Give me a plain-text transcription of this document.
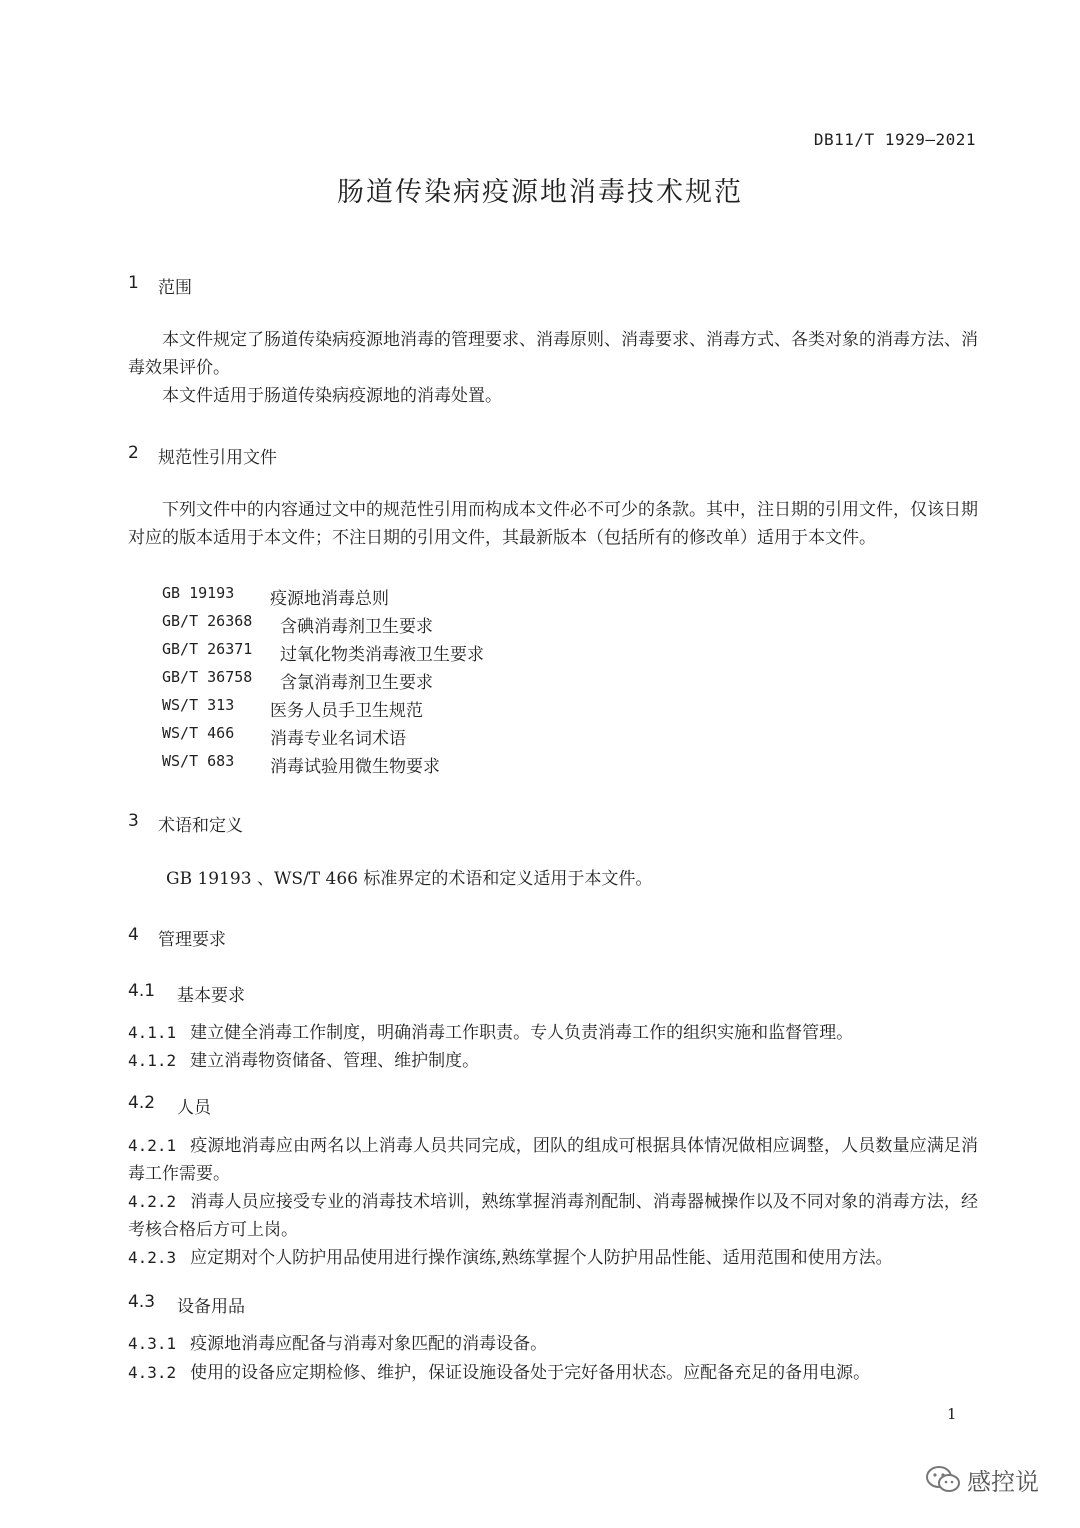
DB11/T 1929—2021
肠道传染病疫源地消毒技术规范
1	范围
本文件规定了肠道传染病疫源地消毒的管理要求、消毒原则、消毒要求、消毒方式、各类对象的消毒方法、消毒效果评价。
本文件适用于肠道传染病疫源地的消毒处置。
2	规范性引用文件
下列文件中的内容通过文中的规范性引用而构成本文件必不可少的条款。其中，注日期的引用文件，仅该日期对应的版本适用于本文件；不注日期的引用文件，其最新版本（包括所有的修改单）适用于本文件。
GB 19193	疫源地消毒总则
GB/T 26368	含碘消毒剂卫生要求
GB/T 26371	过氧化物类消毒液卫生要求
GB/T 36758	含氯消毒剂卫生要求
WS/T 313	医务人员手卫生规范
WS/T 466	消毒专业名词术语
WS/T 683	消毒试验用微生物要求
3	术语和定义
GB 19193 、WS/T 466 标准界定的术语和定义适用于本文件。
4	管理要求
4.1	基本要求
4.1.1 建立健全消毒工作制度，明确消毒工作职责。专人负责消毒工作的组织实施和监督管理。
4.1.2 建立消毒物资储备、管理、维护制度。
4.2	人员
4.2.1 疫源地消毒应由两名以上消毒人员共同完成，团队的组成可根据具体情况做相应调整，人员数量应满足消毒工作需要。
4.2.2 消毒人员应接受专业的消毒技术培训，熟练掌握消毒剂配制、消毒器械操作以及不同对象的消毒方法，经考核合格后方可上岗。
4.2.3 应定期对个人防护用品使用进行操作演练,熟练掌握个人防护用品性能、适用范围和使用方法。
4.3	设备用品
4.3.1 疫源地消毒应配备与消毒对象匹配的消毒设备。
4.3.2 使用的设备应定期检修、维护，保证设施设备处于完好备用状态。应配备充足的备用电源。
1
感控说
